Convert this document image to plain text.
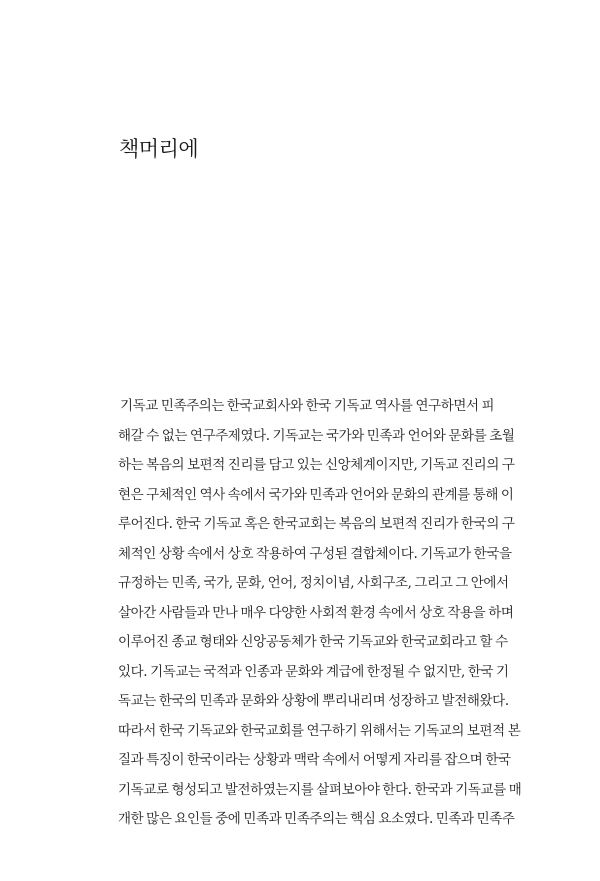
책머리에
기독교 민족주의는 한국교회사와 한국 기독교 역사를 연구하면서 피
해갈 수 없는 연구주제였다. 기독교는 국가와 민족과 언어와 문화를 초월
하는 복음의 보편적 진리를 담고 있는 신앙체계이지만, 기독교 진리의 구
현은 구체적인 역사 속에서 국가와 민족과 언어와 문화의 관계를 통해 이
루어진다. 한국 기독교 혹은 한국교회는 복음의 보편적 진리가 한국의 구
체적인 상황 속에서 상호 작용하여 구성된 결합체이다. 기독교가 한국을
규정하는 민족, 국가, 문화, 언어, 정치이념, 사회구조, 그리고 그 안에서
살아간 사람들과 만나 매우 다양한 사회적 환경 속에서 상호 작용을 하며
이루어진 종교 형태와 신앙공동체가 한국 기독교와 한국교회라고 할 수
있다. 기독교는 국적과 인종과 문화와 계급에 한정될 수 없지만, 한국 기
독교는 한국의 민족과 문화와 상황에 뿌리내리며 성장하고 발전해왔다.
따라서 한국 기독교와 한국교회를 연구하기 위해서는 기독교의 보편적 본
질과 특징이 한국이라는 상황과 맥락 속에서 어떻게 자리를 잡으며 한국
기독교로 형성되고 발전하였는지를 살펴보아야 한다. 한국과 기독교를 매
개한 많은 요인들 중에 민족과 민족주의는 핵심 요소였다. 민족과 민족주
